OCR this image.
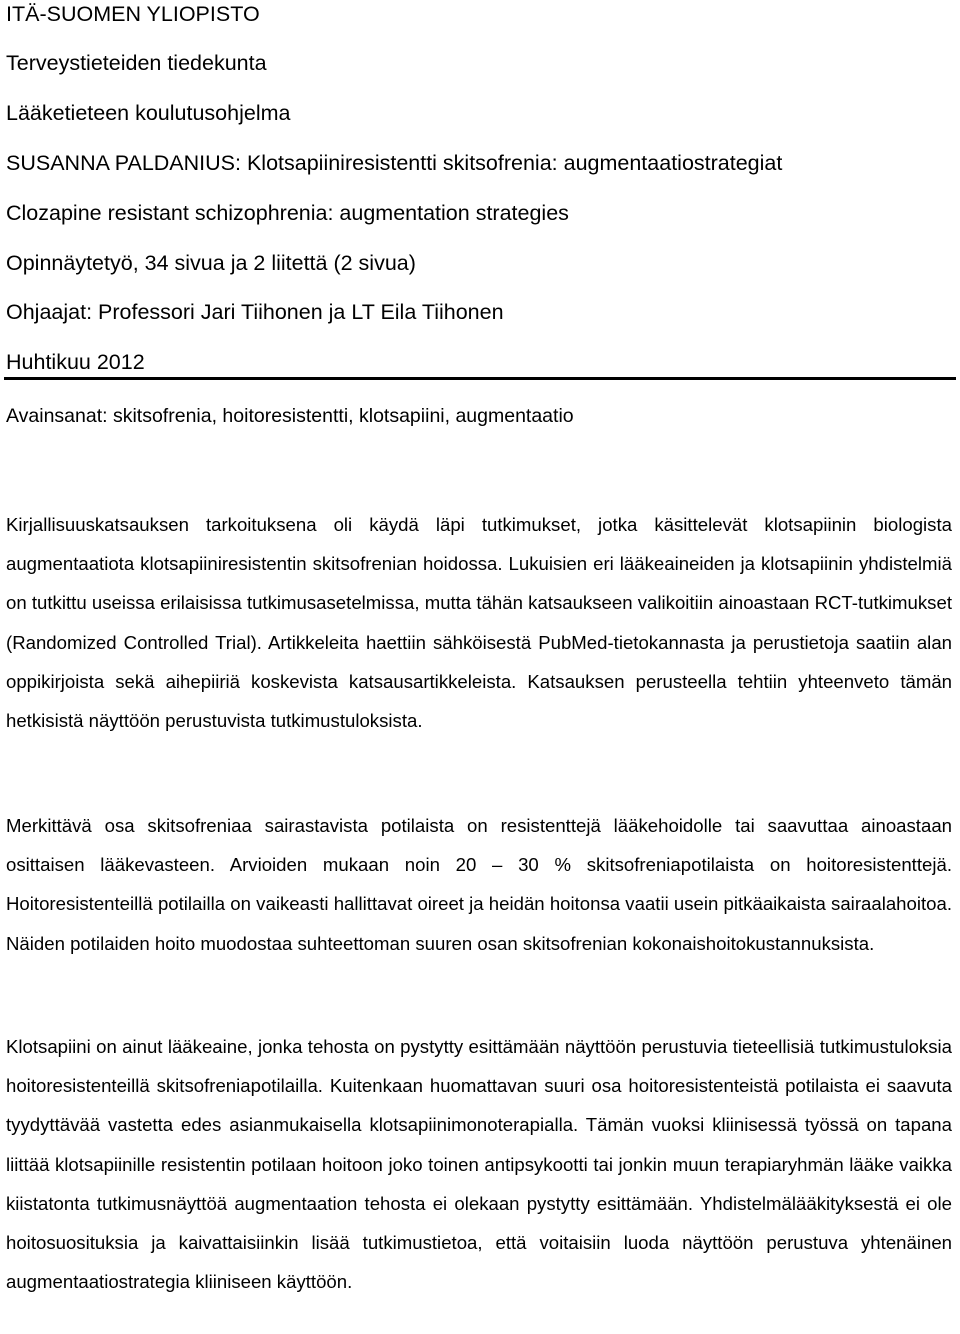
ITÄ-SUOMEN YLIOPISTO

Terveystieteiden tiedekunta

Lääketieteen koulutusohjelma

SUSANNA PALDANIUS: Klotsapiiniresistentti skitsofrenia: augmentaatiostrategiat

Clozapine resistant schizophrenia: augmentation strategies

Opinnäytetyö, 34 sivua ja 2 liitettä (2 sivua)

Ohjaajat: Professori Jari Tiihonen ja LT Eila Tiihonen

Huhtikuu 2012

Avainsanat: skitsofrenia, hoitoresistentti, klotsapiini, augmentaatio

Kirjallisuuskatsauksen tarkoituksena oli käydä läpi tutkimukset, jotka käsittelevät klotsapiinin biologista augmentaatiota klotsapiiniresistentin skitsofrenian hoidossa. Lukuisien eri lääkeaineiden ja klotsapiinin yhdistelmiä on tutkittu useissa erilaisissa tutkimusasetelmissa, mutta tähän katsaukseen valikoitiin ainoastaan RCT-tutkimukset (Randomized Controlled Trial). Artikkeleita haettiin sähköisestä PubMed-tietokannasta ja perustietoja saatiin alan oppikirjoista sekä aihepiiriä koskevista katsausartikkeleista. Katsauksen perusteella tehtiin yhteenveto tämän hetkisistä näyttöön perustuvista tutkimustuloksista.

Merkittävä osa skitsofreniaa sairastavista potilaista on resistenttejä lääkehoidolle tai saavuttaa ainoastaan osittaisen lääkevasteen. Arvioiden mukaan noin 20 – 30 % skitsofreniapotilaista on hoitoresistenttejä. Hoitoresistenteillä potilailla on vaikeasti hallittavat oireet ja heidän hoitonsa vaatii usein pitkäaikaista sairaalahoitoa. Näiden potilaiden hoito muodostaa suhteettoman suuren osan skitsofrenian kokonaishoitokustannuksista.

Klotsapiini on ainut lääkeaine, jonka tehosta on pystytty esittämään näyttöön perustuvia tieteellisiä tutkimustuloksia hoitoresistenteillä skitsofreniapotilailla. Kuitenkaan huomattavan suuri osa hoitoresistenteistä potilaista ei saavuta tyydyttävää vastetta edes asianmukaisella klotsapiinimonoterapialla. Tämän vuoksi kliinisessä työssä on tapana liittää klotsapiinille resistentin potilaan hoitoon joko toinen antipsykootti tai jonkin muun terapiaryhmän lääke vaikka kiistatonta tutkimusnäyttöä augmentaation tehosta ei olekaan pystytty esittämään. Yhdistelmälääkityksestä ei ole hoitosuosituksia ja kaivattaisiinkin lisää tutkimustietoa, että voitaisiin luoda näyttöön perustuva yhtenäinen augmentaatiostrategia kliiniseen käyttöön.
